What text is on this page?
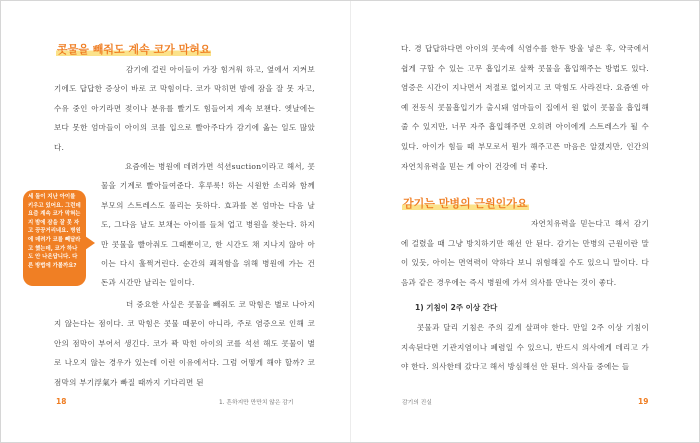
콧물을 빼줘도 계속 코가 막혀요

감기에 걸린 아이들이 가장 힘겨워 하고, 옆에서 지켜보기에도 답답한 증상이 바로 코 막힘이다. 코가 막히면 밤에 잠을 잘 못 자고, 수유 중인 아기라면 젖이나 분유를 빨기도 힘들어져 계속 보챈다. 엣날에는 보다 못한 엄마들이 아이의 코를 입으로 빨아주다가 감기에 옮는 일도 많았다.

요즘에는 병원에 데려가면 석션suction이라고 해서, 콧물을 기계로 빨아들여준다. 후루룩! 하는 시원한 소리와 함께 부모의 스트레스도 풀리는 듯하다. 효과를 본 엄마는 다음 날도, 그다음 날도 보채는 아이를 들쳐 업고 병원을 찾는다. 하지만 콧물을 빨아줘도 그때뿐이고, 한 시간도 채 지나지 않아 아이는 다시 훌쩍거린다. 순간의 쾌적함을 위해 병원에 가는 건 돈과 시간만 날리는 일이다.

더 중요한 사실은 콧물을 빼줘도 코 막힘은 별로 나아지지 않는다는 점이다. 코 막힘은 콧물 때문이 아니라, 주로 염증으로 인해 코안의 점막이 부어서 생긴다. 코가 꽉 막힌 아이의 코를 석션 해도 콧물이 별로 나오지 않는 경우가 있는데 이런 이유에서다. 그럼 어떻게 해야 할까? 코 점막의 부기浮氣가 빠질 때까지 기다리면 된

세 돌이 지난 아이를 키우고 있어요. 그런데 요즘 계속 코가 막혀는지 밤에 잠을 잘 못 자고 끙끙거리네요. 병원에 데려가 코를 빼달라고 했는데, 코가 하나도 안 나온답니다. 다른 방법에 가볼까요?

18	1. 흔하지만 만만치 않은 감기

다. 경 답답하다면 아이의 콧속에 식염수를 한두 방울 넣은 후, 약국에서 쉽게 구할 수 있는 고무 흡입기로 살짝 콧물을 흡입해주는 방법도 있다. 염증은 시간이 지나면서 저절로 없어지고 코 막힘도 사라진다. 요즘엔 아예 전동식 콧물흡입기가 출시돼 엄마들이 집에서 원 없이 콧물을 흡입해줄 수 있지만, 너무 자주 흡입해주면 오히려 아이에게 스트레스가 될 수 있다. 아이가 힘들 때 부모로서 뭔가 해주고픈 마음은 알겠지만, 인간의 자연치유력을 믿는 게 아이 건강에 더 좋다.

감기는 만병의 근원인가요

자연치유력을 믿는다고 해서 감기에 걸렸을 때 그냥 방치하기만 해선 안 된다. 감기는 만병의 근원이란 말이 있듯, 아이는 면역력이 약하다 보니 위험해질 수도 있으니 말이다. 다음과 같은 경우에는 즉시 병원에 가서 의사를 만나는 것이 좋다.

1) 기침이 2주 이상 간다

콧물과 달리 기침은 주의 깊게 살펴야 한다. 만일 2주 이상 기침이 지속된다면 기관지염이나 폐렴일 수 있으니, 반드시 의사에게 데리고 가야 한다. 의사한테 갔다고 해서 방심해선 안 된다. 의사들 중에는 들

감기의 진실	19
